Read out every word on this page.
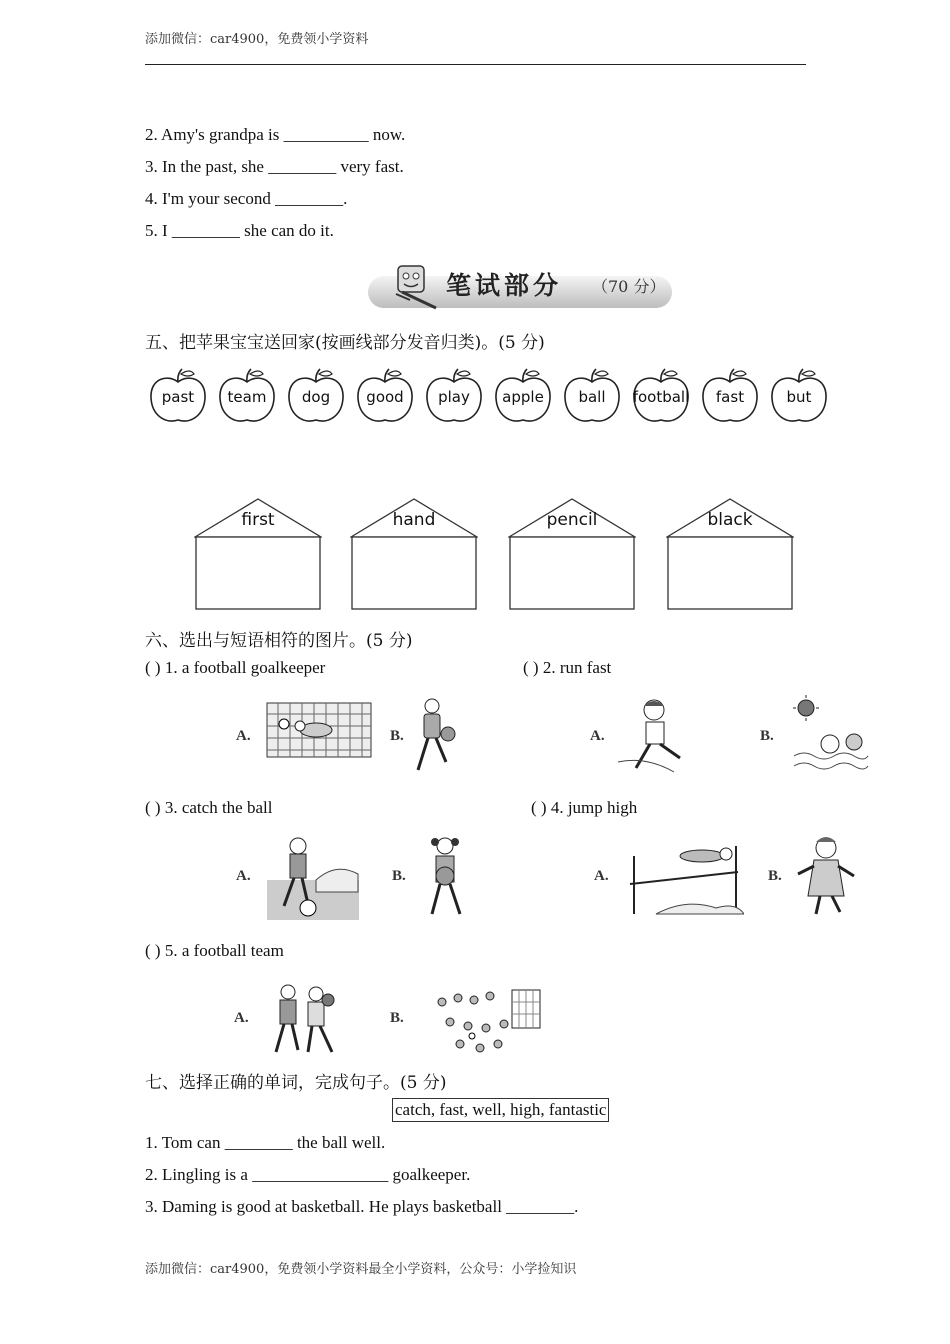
添加微信：car4900，免费领小学资料
2. Amy's grandpa is __________ now.
3. In the past, she ________ very fast.
4. I'm your second ________.
5. I ________ she can do it.
笔试部分 （70 分）
五、把苹果宝宝送回家(按画线部分发音归类)。(5 分)
past	team	dog	good	play	apple	ball	football	fast	but
first	hand	pencil	black
六、选出与短语相符的图片。(5 分)
( ) 1. a football goalkeeper	( ) 2. run fast
A.	B.	A.	B.
( ) 3. catch the ball	( ) 4. jump high
A.	B.	A.	B.
( ) 5. a football team
A.	B.
七、选择正确的单词，完成句子。(5 分)
catch, fast, well, high, fantastic
1. Tom can ________ the ball well.
2. Lingling is a ________________ goalkeeper.
3. Daming is good at basketball. He plays basketball ________.
添加微信：car4900，免费领小学资料最全小学资料，公众号：小学捡知识
